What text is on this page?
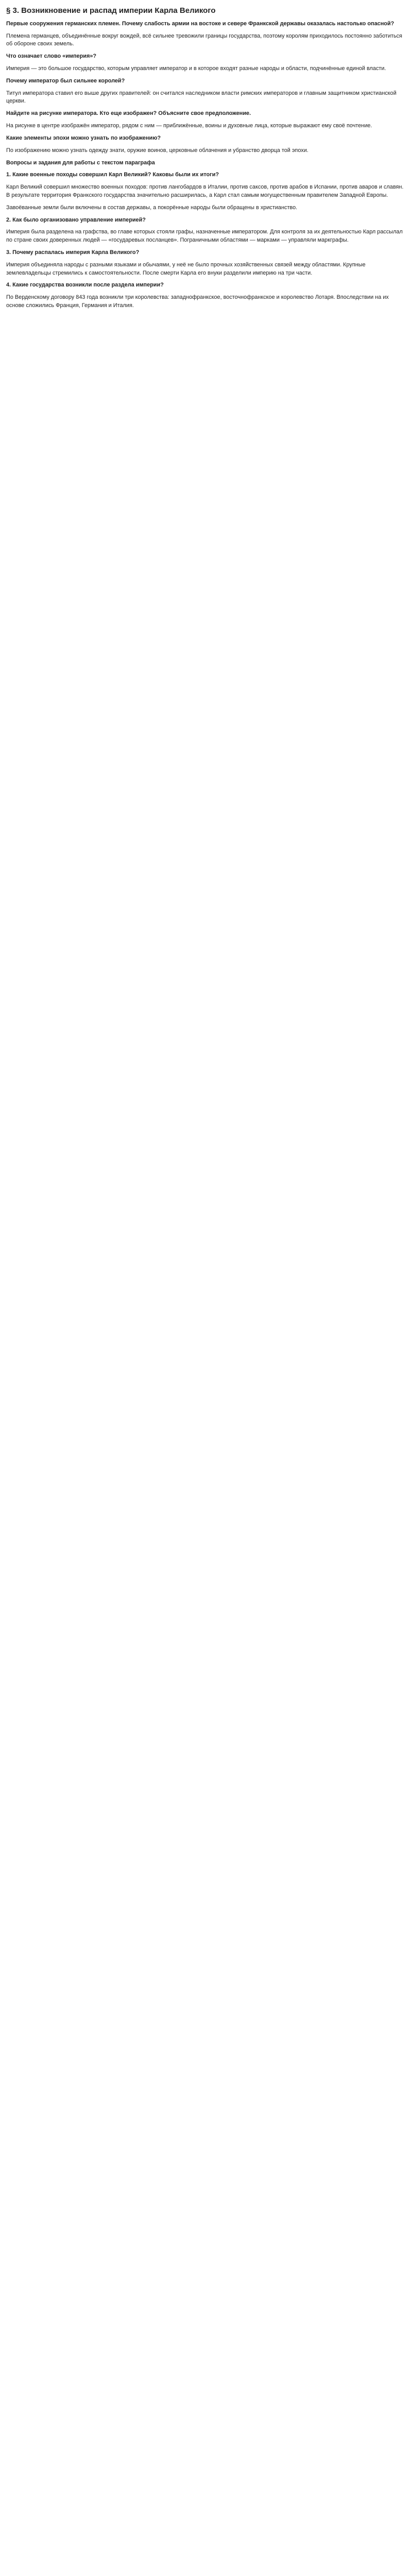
§ 3. Возникновение и распад империи Карла Великого

Первые сооружения германских племен. Почему слабость армии на востоке и севере Франкской державы оказалась настолько опасной?

Племена германцев, объединённые вокруг вождей, всё сильнее тревожили границы государства, поэтому королям приходилось постоянно заботиться об обороне своих земель.

Что означает слово «империя»?

Империя — это большое государство, которым управляет император и в которое входят разные народы и области, подчинённые единой власти.

Почему император был сильнее королей?

Титул императора ставил его выше других правителей: он считался наследником власти римских императоров и главным защитником христианской церкви.

Найдите на рисунке императора. Кто еще изображен? Объясните свое предположение.

На рисунке в центре изображён император, рядом с ним — приближённые, воины и духовные лица, которые выражают ему своё почтение.

Какие элементы эпохи можно узнать по изображению?

По изображению можно узнать одежду знати, оружие воинов, церковные облачения и убранство дворца той эпохи.

Вопросы и задания для работы с текстом параграфа

1. Какие военные походы совершил Карл Великий? Каковы были их итоги?

Карл Великий совершил множество военных походов: против лангобардов в Италии, против саксов, против арабов в Испании, против аваров и славян. В результате территория Франкского государства значительно расширилась, а Карл стал самым могущественным правителем Западной Европы.

Завоёванные земли были включены в состав державы, а покорённые народы были обращены в христианство.

2. Как было организовано управление империей?

Империя была разделена на графства, во главе которых стояли графы, назначенные императором. Для контроля за их деятельностью Карл рассылал по стране своих доверенных людей — «государевых посланцев». Пограничными областями — марками — управляли маркграфы.

3. Почему распалась империя Карла Великого?

Империя объединяла народы с разными языками и обычаями, у неё не было прочных хозяйственных связей между областями. Крупные землевладельцы стремились к самостоятельности. После смерти Карла его внуки разделили империю на три части.

4. Какие государства возникли после раздела империи?

По Верденскому договору 843 года возникли три королевства: западнофранкское, восточнофранкское и королевство Лотаря. Впоследствии на их основе сложились Франция, Германия и Италия.
